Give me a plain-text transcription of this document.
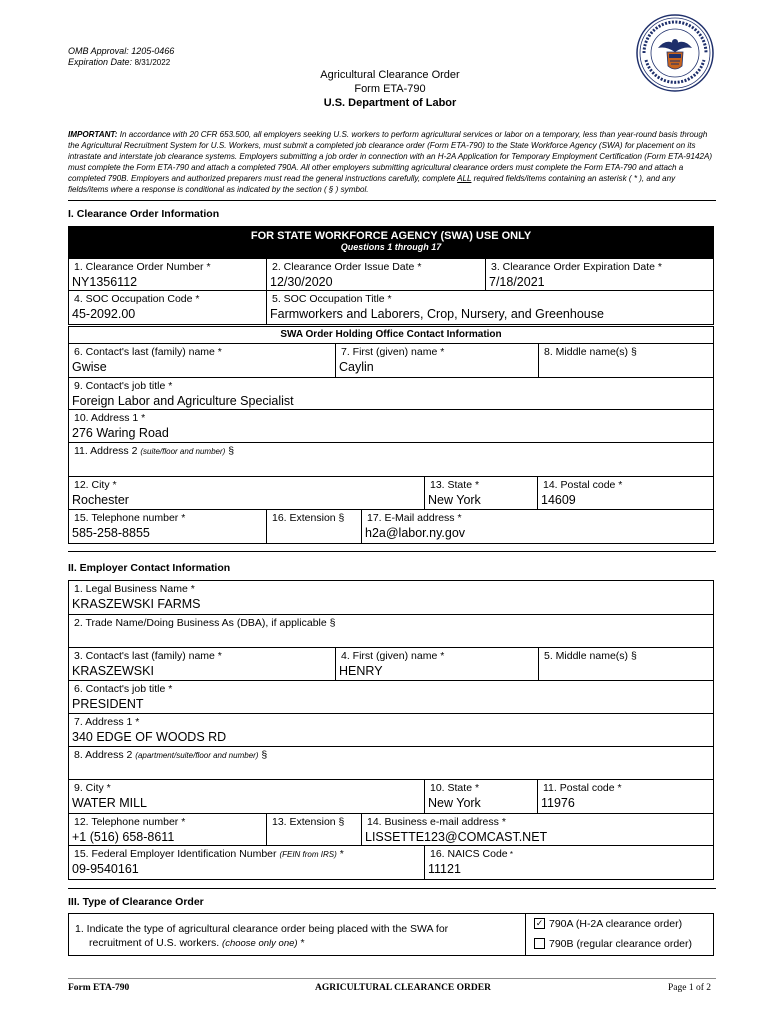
OMB Approval: 1205-0466
Expiration Date: 8/31/2022
Agricultural Clearance Order
Form ETA-790
U.S. Department of Labor
IMPORTANT: In accordance with 20 CFR 653.500, all employers seeking U.S. workers to perform agricultural services or labor on a temporary, less than year-round basis through the Agricultural Recruitment System for U.S. Workers, must submit a completed job clearance order (Form ETA-790) to the State Workforce Agency (SWA) for placement on its intrastate and interstate job clearance systems. Employers submitting a job order in connection with an H-2A Application for Temporary Employment Certification (Form ETA-9142A) must complete the Form ETA-790 and attach a completed 790A. All other employers submitting agricultural clearance orders must complete the Form ETA-790 and attach a completed 790B. Employers and authorized preparers must read the general instructions carefully, complete ALL required fields/items containing an asterisk ( * ), and any fields/items where a response is conditional as indicated by the section ( § ) symbol.
I. Clearance Order Information
FOR STATE WORKFORCE AGENCY (SWA) USE ONLY
Questions 1 through 17
1. Clearance Order Number *
NY1356112
2. Clearance Order Issue Date *
12/30/2020
3. Clearance Order Expiration Date *
7/18/2021
4. SOC Occupation Code *
45-2092.00
5. SOC Occupation Title *
Farmworkers and Laborers, Crop, Nursery, and Greenhouse
SWA Order Holding Office Contact Information
6. Contact's last (family) name *
Gwise
7. First (given) name *
Caylin
8. Middle name(s) §
9. Contact's job title *
Foreign Labor and Agriculture Specialist
10. Address 1 *
276 Waring Road
11. Address 2 (suite/floor and number) §
12. City *
Rochester
13. State *
New York
14. Postal code *
14609
15. Telephone number *
585-258-8855
16. Extension § 17. E-Mail address *
h2a@labor.ny.gov
II. Employer Contact Information
1. Legal Business Name *
KRASZEWSKI FARMS
2. Trade Name/Doing Business As (DBA), if applicable §
3. Contact's last (family) name *
KRASZEWSKI
4. First (given) name *
HENRY
5. Middle name(s) §
6. Contact's job title *
PRESIDENT
7. Address 1 *
340 EDGE OF WOODS RD
8. Address 2 (apartment/suite/floor and number) §
9. City *
WATER MILL
10. State *
New York
11. Postal code *
11976
12. Telephone number *
+1 (516) 658-8611
13. Extension § 14. Business e-mail address *
LISSETTE123@COMCAST.NET
15. Federal Employer Identification Number (FEIN from IRS) *
09-9540161
16. NAICS Code *
11121
III. Type of Clearance Order
1. Indicate the type of agricultural clearance order being placed with the SWA for
recruitment of U.S. workers. (choose only one) *
✓ 790A (H-2A clearance order)
790B (regular clearance order)
Form ETA-790	AGRICULTURAL CLEARANCE ORDER	Page 1 of 2
